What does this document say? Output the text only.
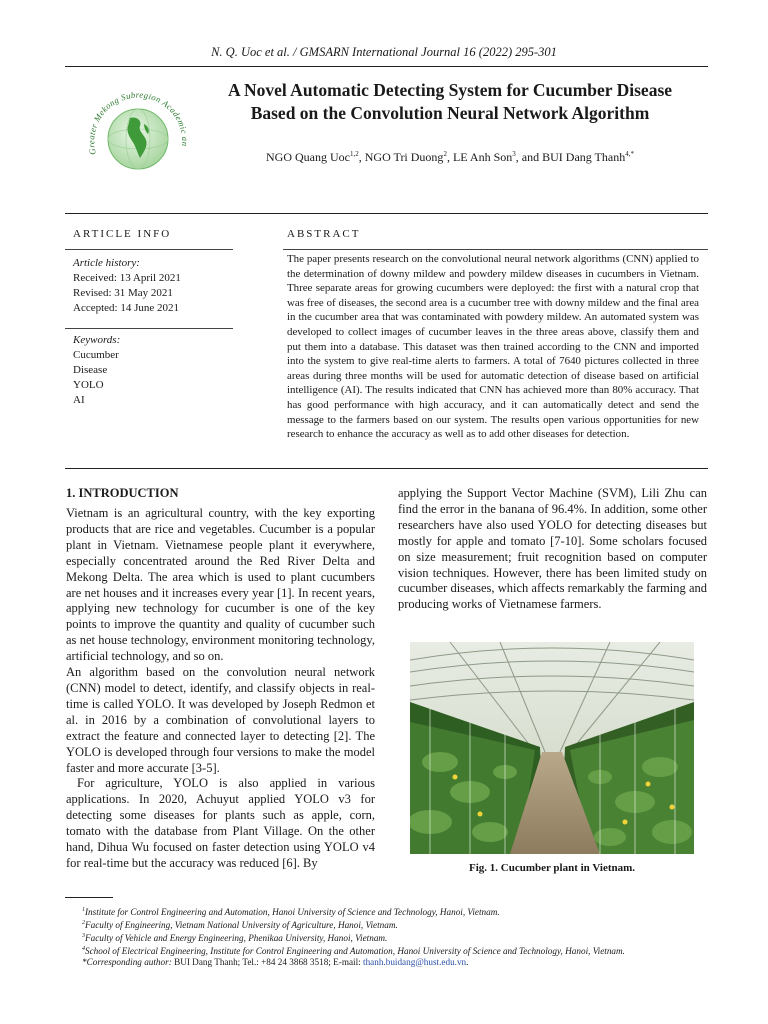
N. Q. Uoc et al. / GMSARN International Journal 16 (2022) 295-301
Greater Mekong Subregion Academic an
A Novel Automatic Detecting System for Cucumber Disease
Based on the Convolution Neural Network Algorithm
NGO Quang Uoc$^{1,2}$, NGO Tri Duong$^2$, LE Anh Son$^3$, and BUI Dang Thanh$^{4,*}$
ARTICLE INFO
Article history:
Received: 13 April 2021
Revised: 31 May 2021
Accepted: 14 June 2021
Keywords:
Cucumber
Disease
YOLO
AI
ABSTRACT
The paper presents research on the convolutional neural network algorithms (CNN) applied to the determination of downy mildew and powdery mildew diseases in cucumbers in Vietnam. Three separate areas for growing cucumbers were deployed: the first with a natural crop that was free of diseases, the second area is a cucumber tree with downy mildew and the final area in the cucumber area that was contaminated with powdery mildew. An automated system was developed to collect images of cucumber leaves in the three areas above, classify them and put them into a database. This dataset was then trained according to the CNN and imported into the system to give real-time alerts to farmers. A total of 7640 pictures collected in three areas during three months will be used for automatic detection of disease based on artificial intelligence (AI). The results indicated that CNN has achieved more than 80% accuracy. That has good performance with high accuracy, and it can automatically detect and send the message to the farmers based on our system. The results open various opportunities for new research to enhance the accuracy as well as to add other diseases for detection.
1. INTRODUCTION

Vietnam is an agricultural country, with the key exporting products that are rice and vegetables. Cucumber is a popular plant in Vietnam. Vietnamese people plant it everywhere, especially concentrated around the Red River Delta and Mekong Delta. The area which is used to plant cucumbers are net houses and it increases every year [1]. In recent years, applying new technology for cucumber is one of the key points to improve the quantity and quality of cucumber such as net house technology, environment monitoring technology, artificial technology, and so on.

An algorithm based on the convolution neural network (CNN) model to detect, identify, and classify objects in real-time is called YOLO. It was developed by Joseph Redmon et al. in 2016 by a combination of convolutional layers to extract the feature and connected layer to detecting [2]. The YOLO is developed through four versions to make the model faster and more accurate [3-5].

For agriculture, YOLO is also applied in various applications. In 2020, Achuyut applied YOLO v3 for detecting some diseases for plants such as apple, corn, tomato with the database from Plant Village. On the other hand, Dihua Wu focused on faster detection using YOLO v4 for real-time but the accuracy was reduced [6]. By

applying the Support Vector Machine (SVM), Lili Zhu can find the error in the banana of 96.4%. In addition, some other researchers have also used YOLO for detecting diseases but mostly for apple and tomato [7-10]. Some scholars focused on size measurement; fruit recognition based on computer vision techniques. However, there has been limited study on cucumber diseases, which affects remarkably the farming and producing works of Vietnamese farmers.

Fig. 1. Cucumber plant in Vietnam.
$^1$Institute for Control Engineering and Automation, Hanoi University of Science and Technology, Hanoi, Vietnam.
$^2$Faculty of Engineering, Vietnam National University of Agriculture, Hanoi, Vietnam.
$^3$Faculty of Vehicle and Energy Engineering, Phenikaa University, Hanoi, Vietnam.
$^4$School of Electrical Engineering, Institute for Control Engineering and Automation, Hanoi University of Science and Technology, Hanoi, Vietnam.
*Corresponding author: BUI Dang Thanh; Tel.: +84 24 3868 3518; E-mail: thanh.buidang@hust.edu.vn.
